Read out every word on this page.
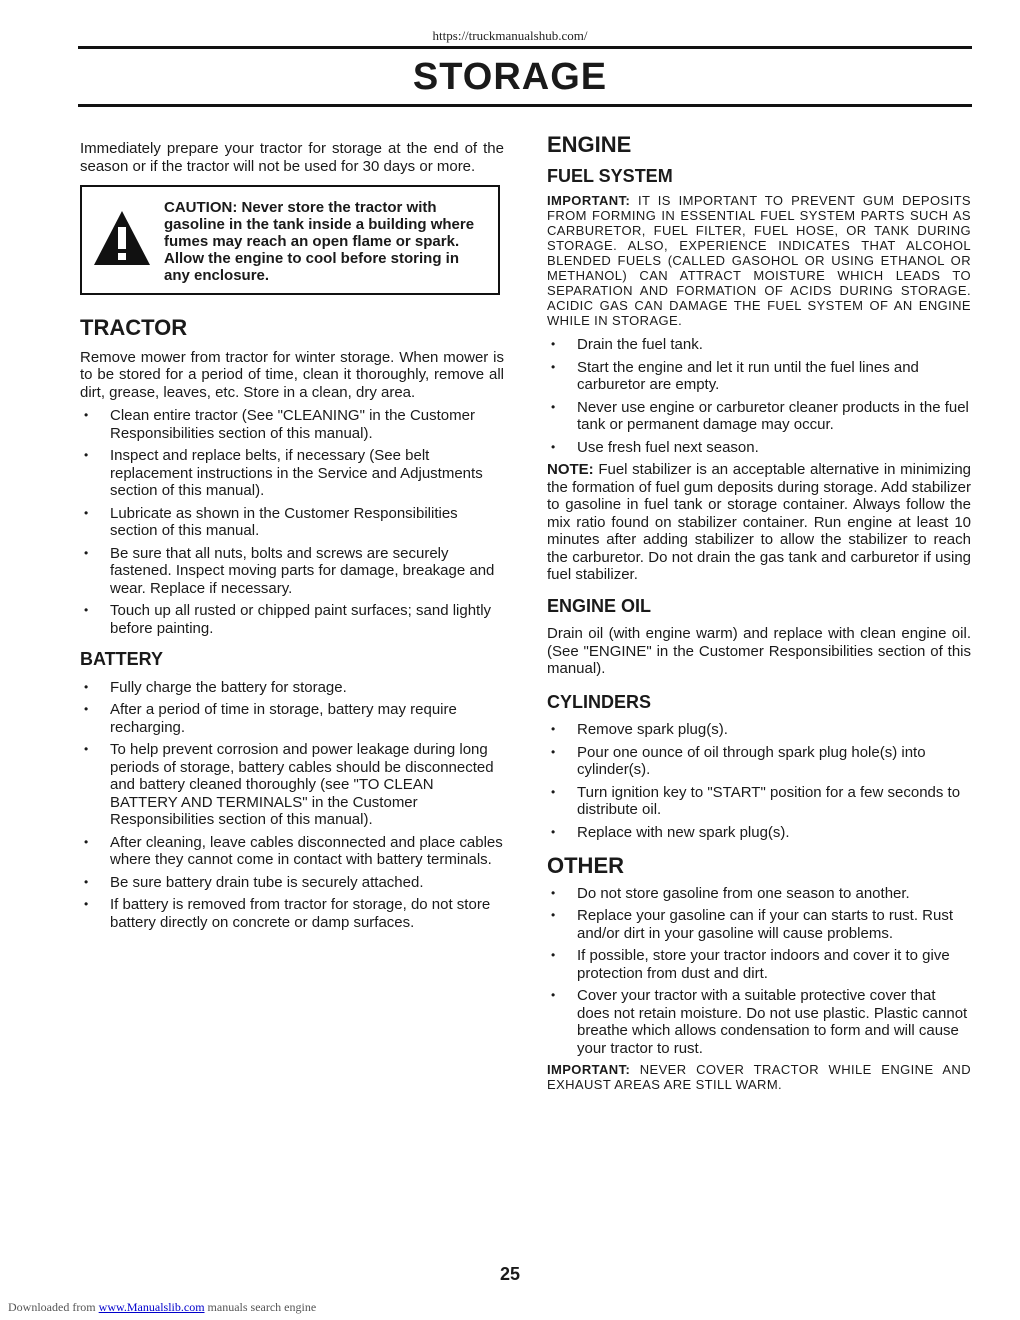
https://truckmanualshub.com/
STORAGE

Immediately prepare your tractor for storage at the end of the season or if the tractor will not be used for 30 days or more.

CAUTION: Never store the tractor with gasoline in the tank inside a building where fumes may reach an open flame or spark. Allow the engine to cool before storing in any enclosure.
TRACTOR

Remove mower from tractor for winter storage. When mower is to be stored for a period of time, clean it thoroughly, remove all dirt, grease, leaves, etc. Store in a clean, dry area.

• Clean entire tractor (See "CLEANING" in the Customer Responsibilities section of this manual).
• Inspect and replace belts, if necessary (See belt replacement instructions in the Service and Adjustments section of this manual).
• Lubricate as shown in the Customer Responsibilities section of this manual.
• Be sure that all nuts, bolts and screws are securely fastened. Inspect moving parts for damage, breakage and wear. Replace if necessary.
• Touch up all rusted or chipped paint surfaces; sand lightly before painting.
BATTERY
• Fully charge the battery for storage.
• After a period of time in storage, battery may require recharging.
• To help prevent corrosion and power leakage during long periods of storage, battery cables should be disconnected and battery cleaned thoroughly (see "TO CLEAN BATTERY AND TERMINALS" in the Customer Responsibilities section of this manual).
• After cleaning, leave cables disconnected and place cables where they cannot come in contact with battery terminals.
• Be sure battery drain tube is securely attached.
• If battery is removed from tractor for storage, do not store battery directly on concrete or damp surfaces.
ENGINE
FUEL SYSTEM

IMPORTANT: IT IS IMPORTANT TO PREVENT GUM DEPOSITS FROM FORMING IN ESSENTIAL FUEL SYSTEM PARTS SUCH AS CARBURETOR, FUEL FILTER, FUEL HOSE, OR TANK DURING STORAGE. ALSO, EXPERIENCE INDICATES THAT ALCOHOL BLENDED FUELS (CALLED GASOHOL OR USING ETHANOL OR METHANOL) CAN ATTRACT MOISTURE WHICH LEADS TO SEPARATION AND FORMATION OF ACIDS DURING STORAGE. ACIDIC GAS CAN DAMAGE THE FUEL SYSTEM OF AN ENGINE WHILE IN STORAGE.

• Drain the fuel tank.
• Start the engine and let it run until the fuel lines and carburetor are empty.
• Never use engine or carburetor cleaner products in the fuel tank or permanent damage may occur.
• Use fresh fuel next season.

NOTE: Fuel stabilizer is an acceptable alternative in minimizing the formation of fuel gum deposits during storage. Add stabilizer to gasoline in fuel tank or storage container. Always follow the mix ratio found on stabilizer container. Run engine at least 10 minutes after adding stabilizer to allow the stabilizer to reach the carburetor. Do not drain the gas tank and carburetor if using fuel stabilizer.

ENGINE OIL

Drain oil (with engine warm) and replace with clean engine oil. (See "ENGINE" in the Customer Responsibilities section of this manual).

CYLINDERS
• Remove spark plug(s).
• Pour one ounce of oil through spark plug hole(s) into cylinder(s).
• Turn ignition key to "START" position for a few seconds to distribute oil.
• Replace with new spark plug(s).
OTHER
• Do not store gasoline from one season to another.
• Replace your gasoline can if your can starts to rust. Rust and/or dirt in your gasoline will cause problems.
• If possible, store your tractor indoors and cover it to give protection from dust and dirt.
• Cover your tractor with a suitable protective cover that does not retain moisture. Do not use plastic. Plastic cannot breathe which allows condensation to form and will cause your tractor to rust.

IMPORTANT: NEVER COVER TRACTOR WHILE ENGINE AND EXHAUST AREAS ARE STILL WARM.

25
Downloaded from www.Manualslib.com manuals search engine
